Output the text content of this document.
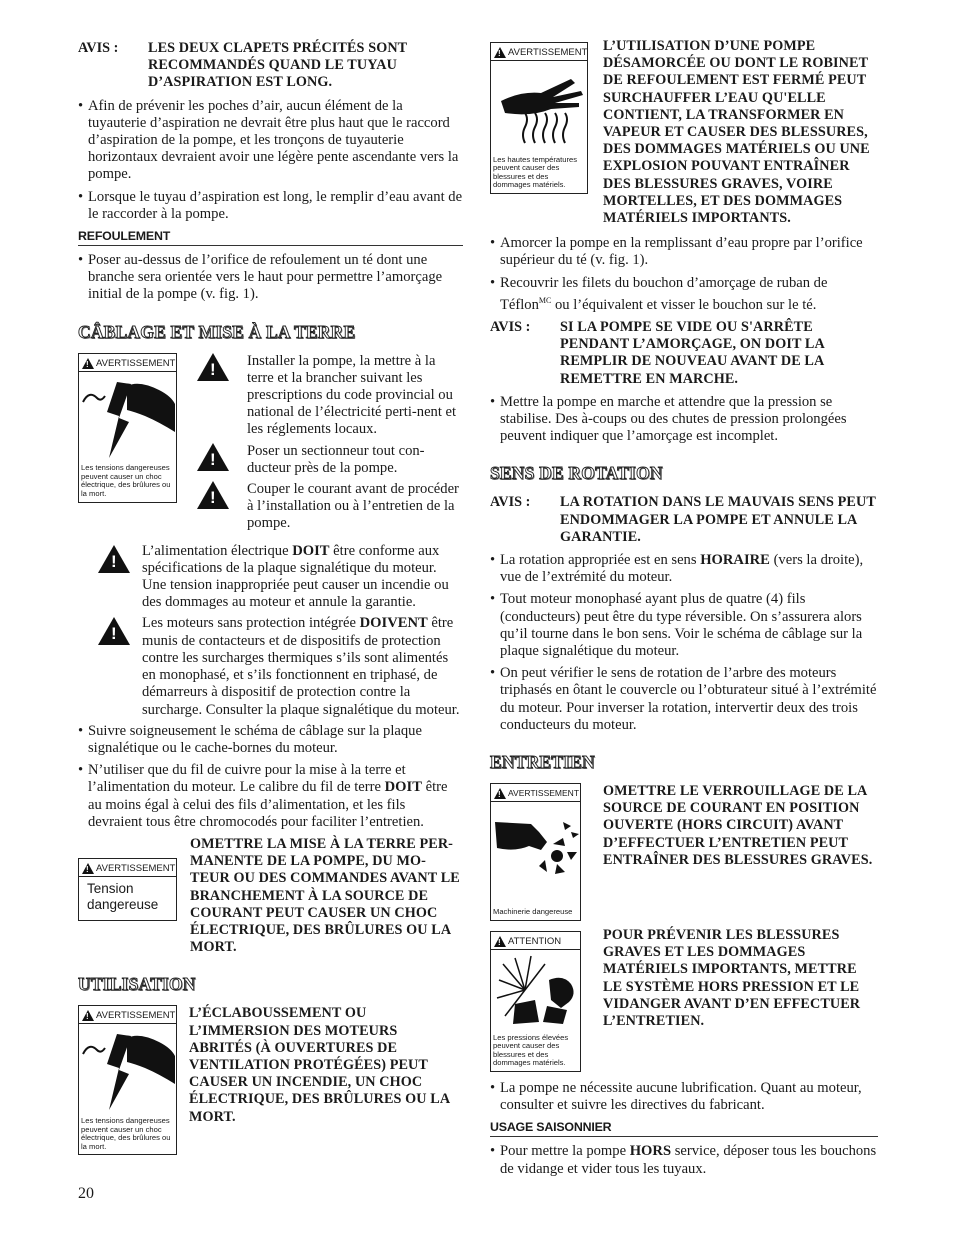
AVIS :	LES DEUX CLAPETS PRÉCITÉS SONT RECOMMANDÉS QUAND LE TUYAU D’ASPIRATION EST LONG.

• Afin de prévenir les poches d’air, aucun élément de la tuyauterie d’aspiration ne devrait être plus haut que le raccord d’aspiration de la pompe, et les tronçons de tuyauterie horizontaux devraient avoir une légère pente ascendante vers la pompe.

• Lorsque le tuyau d’aspiration est long, le remplir d’eau avant de le raccorder à la pompe.

REFOULEMENT

• Poser au-dessus de l’orifice de refoulement un té dont une branche sera orientée vers le haut pour permettre l’amorçage initial de la pompe (v. fig. 1).

CÂBLAGE ET MISE À LA TERRE
!
AVERTISSEMENT
Les tensions dangereuses peuvent causer un choc électrique, des brûlures ou la mort.
!

Installer la pompe, la mettre à la terre et la brancher suivant les prescriptions du code provincial ou national de l’électricité perti-nent et les réglements locaux.

!

Poser un sectionneur tout con-ducteur près de la pompe.

!

Couper le courant avant de procéder à l’installation ou à l’entretien de la pompe.

!

L’alimentation électrique DOIT être conforme aux spécifications de la plaque signalétique du moteur. Une tension inappropriée peut causer un incendie ou des dommages au moteur et annule la garantie.

!

Les moteurs sans protection intégrée DOIVENT être munis de contacteurs et de dispositifs de protection contre les surcharges thermiques s’ils sont alimentés en monophasé, et s’ils fonctionnent en triphasé, de démarreurs à dispositif de protection contre la surcharge. Consulter la plaque signalétique du moteur.

• Suivre soigneusement le schéma de câblage sur la plaque signalétique ou le cache-bornes du moteur.

• N’utiliser que du fil de cuivre pour la mise à la terre et l’alimentation du moteur. Le calibre du fil de terre DOIT être au moins égal à celui des fils d’alimentation, et les fils devraient tous être chromocodés pour faciliter l’entretien.

!
AVERTISSEMENT
Tension dangereuse

OMETTRE LA MISE À LA TERRE PER-MANENTE DE LA POMPE, DU MO-TEUR OU DES COMMANDES AVANT LE BRANCHEMENT À LA SOURCE DE COURANT PEUT CAUSER UN CHOC ÉLECTRIQUE, DES BRÛLURES OU LA MORT.

UTILISATION
!
AVERTISSEMENT
Les tensions dangereuses peuvent causer un choc électrique, des brûlures ou la mort.

L’ÉCLABOUSSEMENT OU L’IMMERSION DES MOTEURS ABRITÉS (À OUVERTURES DE VENTILATION PROTÉGÉES) PEUT CAUSER UN INCENDIE, UN CHOC ÉLECTRIQUE, DES BRÛLURES OU LA MORT.

20
!
AVERTISSEMENT
Les hautes températures peuvent causer des blessures et des dommages matériels.

L’UTILISATION D’UNE POMPE DÉSAMORCÉE OU DONT LE ROBINET DE REFOULEMENT EST FERMÉ PEUT SURCHAUFFER L’EAU QU'ELLE CONTIENT, LA TRANSFORMER EN VAPEUR ET CAUSER DES BLESSURES, DES DOMMAGES MATÉRIELS OU UNE EXPLOSION POUVANT ENTRAÎNER DES BLESSURES GRAVES, VOIRE MORTELLES, ET DES DOMMAGES MATÉRIELS IMPORTANTS.

• Amorcer la pompe en la remplissant d’eau propre par l’orifice supérieur du té (v. fig. 1).

• Recouvrir les filets du bouchon d’amorçage de ruban de Téflon$^{MC}$ ou l’équivalent et visser le bouchon sur le té.

AVIS :	SI LA POMPE SE VIDE OU S'ARRÊTE PENDANT L’AMORÇAGE, ON DOIT LA REMPLIR DE NOUVEAU AVANT DE LA REMETTRE EN MARCHE.

• Mettre la pompe en marche et attendre que la pression se stabilise. Des à-coups ou des chutes de pression prolongées peuvent indiquer que l’amorçage est incomplet.

SENS DE ROTATION
AVIS :	LA ROTATION DANS LE MAUVAIS SENS PEUT ENDOMMAGER LA POMPE ET ANNULE LA GARANTIE.

• La rotation appropriée est en sens HORAIRE (vers la droite), vue de l’extrémité du moteur.

• Tout moteur monophasé ayant plus de quatre (4) fils (conducteurs) peut être du type réversible. On s’assurera alors qu’il tourne dans le bon sens. Voir le schéma de câblage sur la plaque signalétique du moteur.

• On peut vérifier le sens de rotation de l’arbre des moteurs triphasés en ôtant le couvercle ou l’obturateur situé à l’extrémité du moteur. Pour inverser la rotation, intervertir deux des trois conducteurs du moteur.

ENTRETIEN
!
AVERTISSEMENT
Machinerie dangereuse

OMETTRE LE VERROUILLAGE DE LA SOURCE DE COURANT EN POSITION OUVERTE (HORS CIRCUIT) AVANT D’EFFECTUER L’ENTRETIEN PEUT ENTRAÎNER DES BLESSURES GRAVES.

!
ATTENTION
Les pressions élevées peuvent causer des blessures et des dommages matériels.

POUR PRÉVENIR LES BLESSURES GRAVES ET LES DOMMAGES MATÉRIELS IMPORTANTS, METTRE LE SYSTÈME HORS PRESSION ET LE VIDANGER AVANT D’EN EFFECTUER L’ENTRETIEN.

• La pompe ne nécessite aucune lubrification. Quant au moteur, consulter et suivre les directives du fabricant.

USAGE SAISONNIER

• Pour mettre la pompe HORS service, déposer tous les bouchons de vidange et vider tous les tuyaux.
